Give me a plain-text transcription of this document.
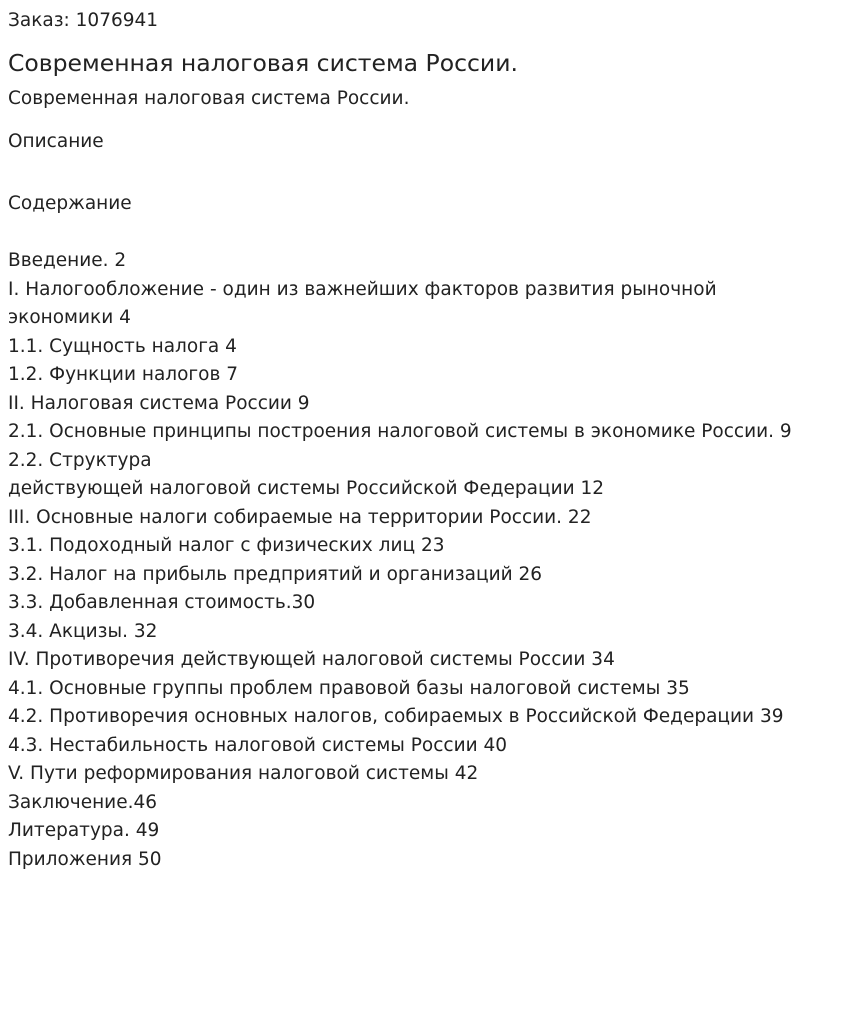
Заказ: 1076941
Современная налоговая система России.
Современная налоговая система России.
Описание
Содержание
Введение. 2
I. Налогообложение - один из важнейших факторов развития рыночной
экономики 4
1.1. Сущность налога 4
1.2. Функции налогов 7
II. Налоговая система России 9
2.1. Основные принципы построения налоговой системы в экономике России. 9
2.2. Структура
действующей налоговой системы Российской Федерации 12
III. Основные налоги собираемые на территории России. 22
3.1. Подоходный налог с физических лиц 23
3.2. Налог на прибыль предприятий и организаций 26
3.3. Добавленная стоимость.30
3.4. Акцизы. 32
IV. Противоречия действующей налоговой системы России 34
4.1. Основные группы проблем правовой базы налоговой системы 35
4.2. Противоречия основных налогов, собираемых в Российской Федерации 39
4.3. Нестабильность налоговой системы России 40
V. Пути реформирования налоговой системы 42
Заключение.46
Литература. 49
Приложения 50
